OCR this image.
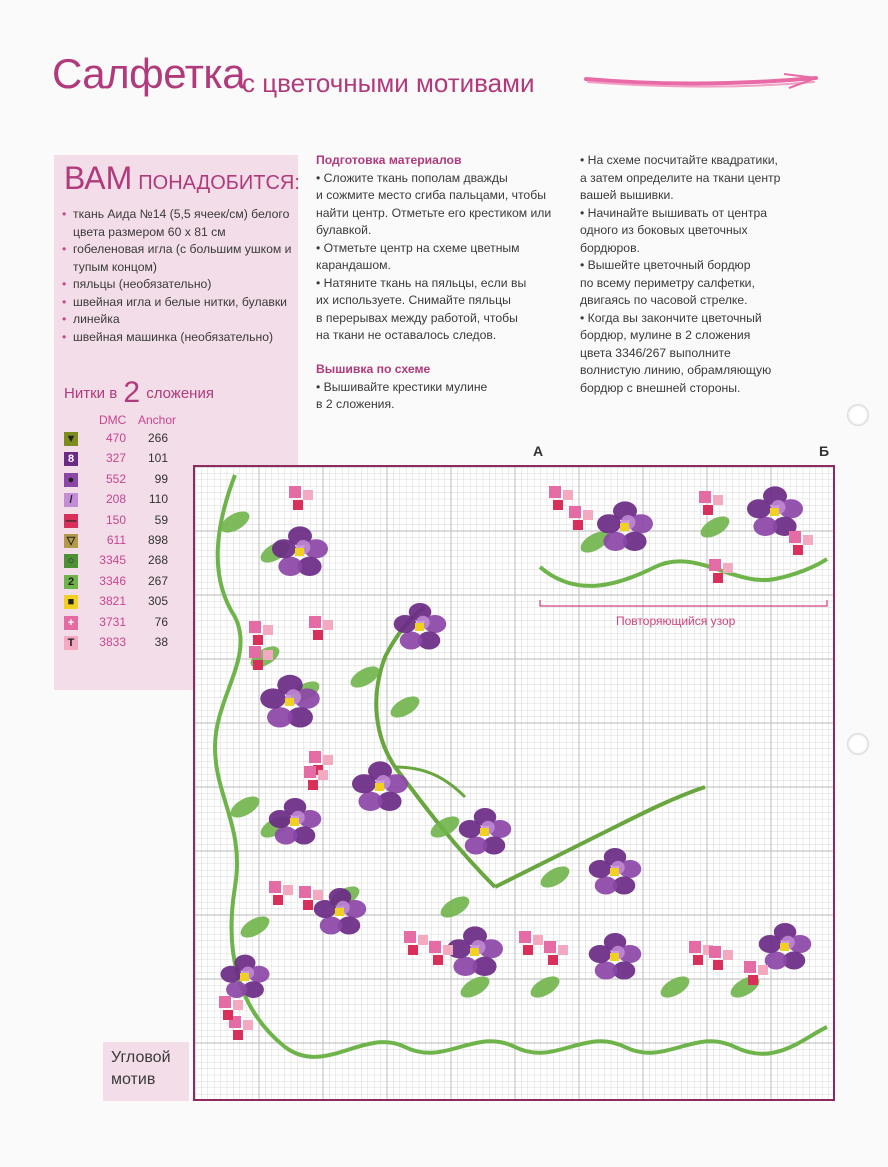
Салфетка
с цветочными мотивами
ВАМ ПОНАДОБИТСЯ:
• ткань Аида №14 (5,5 ячеек/см) белого цвета размером 60 x 81 см
• гобеленовая игла (с большим ушком и тупым концом)
• пяльцы (необязательно)
• швейная игла и белые нитки, булавки
• линейка
• швейная машинка (необязательно)
Нитки в 2 сложения
DMC Anchor
▼	470	266
8	327	101
●	552	99
/	208	110
—	150	59
▽	611	898
○	3345	268
2	3346	267
■	3821	305
+	3731	76
T	3833	38

Подготовка материалов

• Сложите ткань пополам дважды

и сожмите место сгиба пальцами, чтобы

найти центр. Отметьте его крестиком или

булавкой.

• Отметьте центр на схеме цветным

карандашом.

• Натяните ткань на пяльцы, если вы

их используете. Снимайте пяльцы

в перерывах между работой, чтобы

на ткани не оставалось следов.

Вышивка по схеме

• Вышивайте крестики мулине

в 2 сложения.

• На схеме посчитайте квадратики,

а затем определите на ткани центр

вашей вышивки.

• Начинайте вышивать от центра

одного из боковых цветочных

бордюров.

• Вышейте цветочный бордюр

по всему периметру салфетки,

двигаясь по часовой стрелке.

• Когда вы закончите цветочный

бордюр, мулине в 2 сложения

цвета 3346/267 выполните

волнистую линию, обрамляющую

бордюр с внешней стороны.

А	Б
Повторяющийся узор
Угловой
мотив
